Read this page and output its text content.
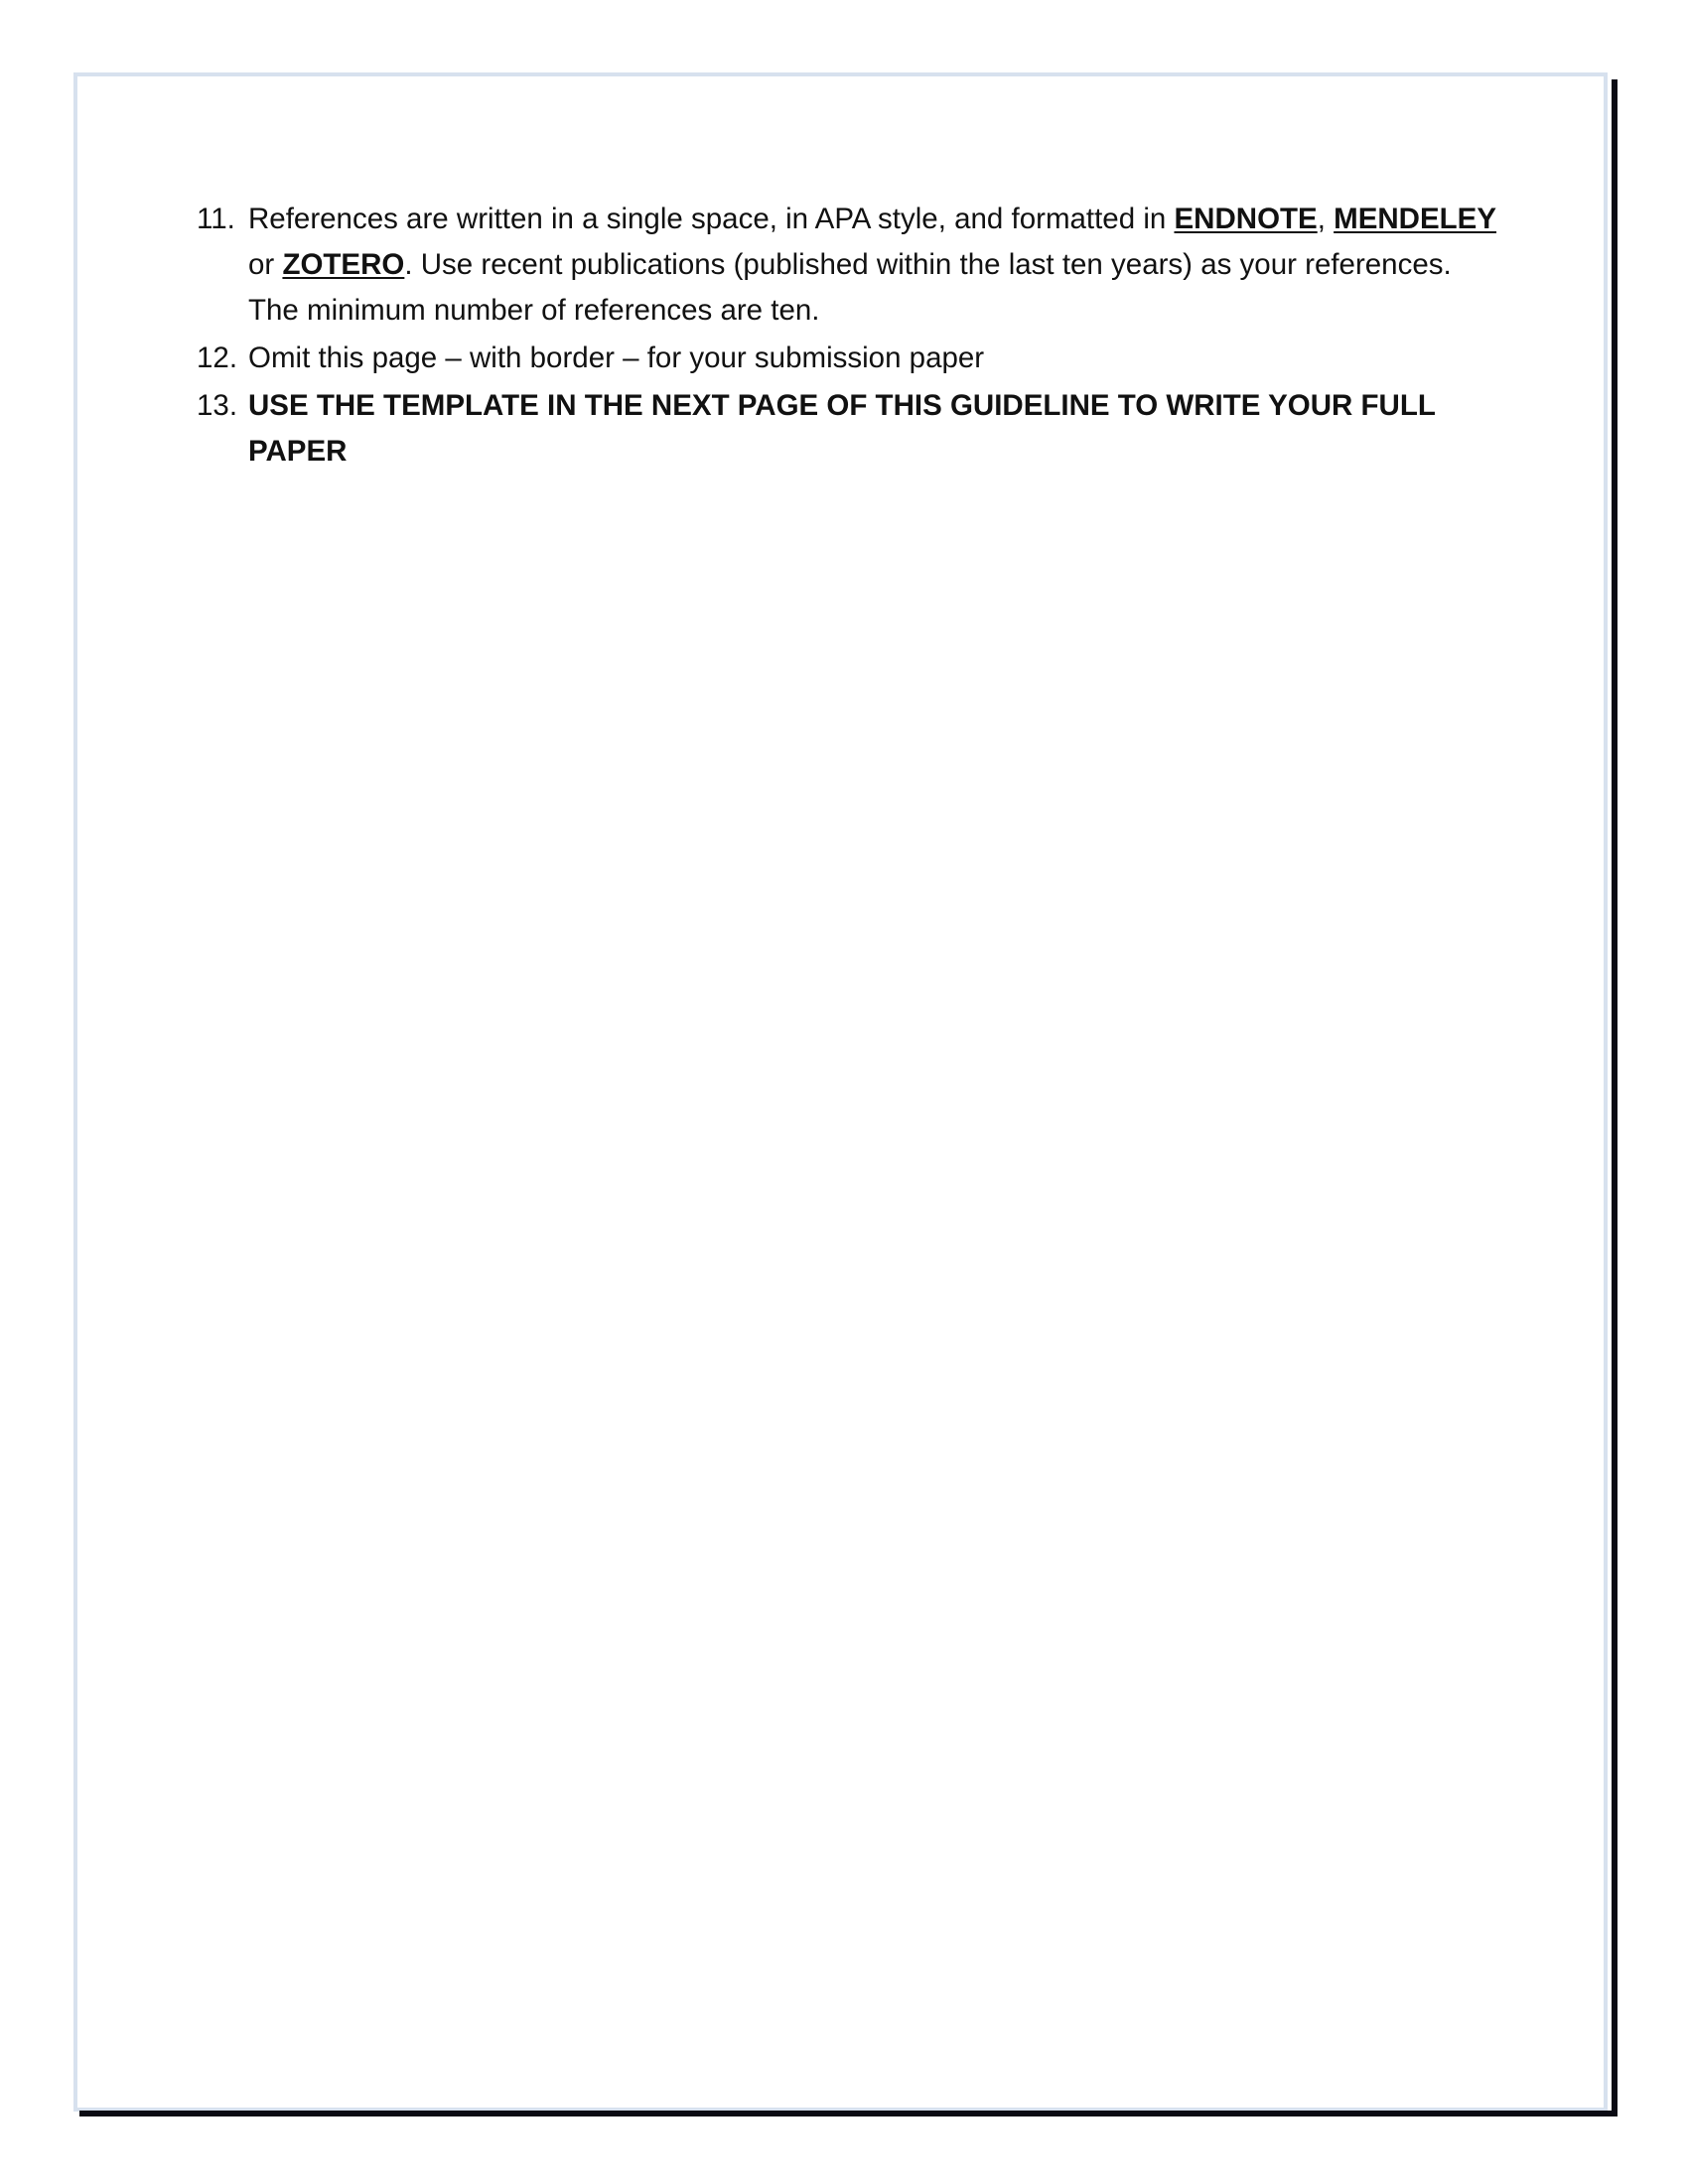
11. References are written in a single space, in APA style, and formatted in ENDNOTE, MENDELEY or ZOTERO. Use recent publications (published within the last ten years) as your references. The minimum number of references are ten.
12. Omit this page – with border – for your submission paper
13. USE THE TEMPLATE IN THE NEXT PAGE OF THIS GUIDELINE TO WRITE YOUR FULL PAPER
